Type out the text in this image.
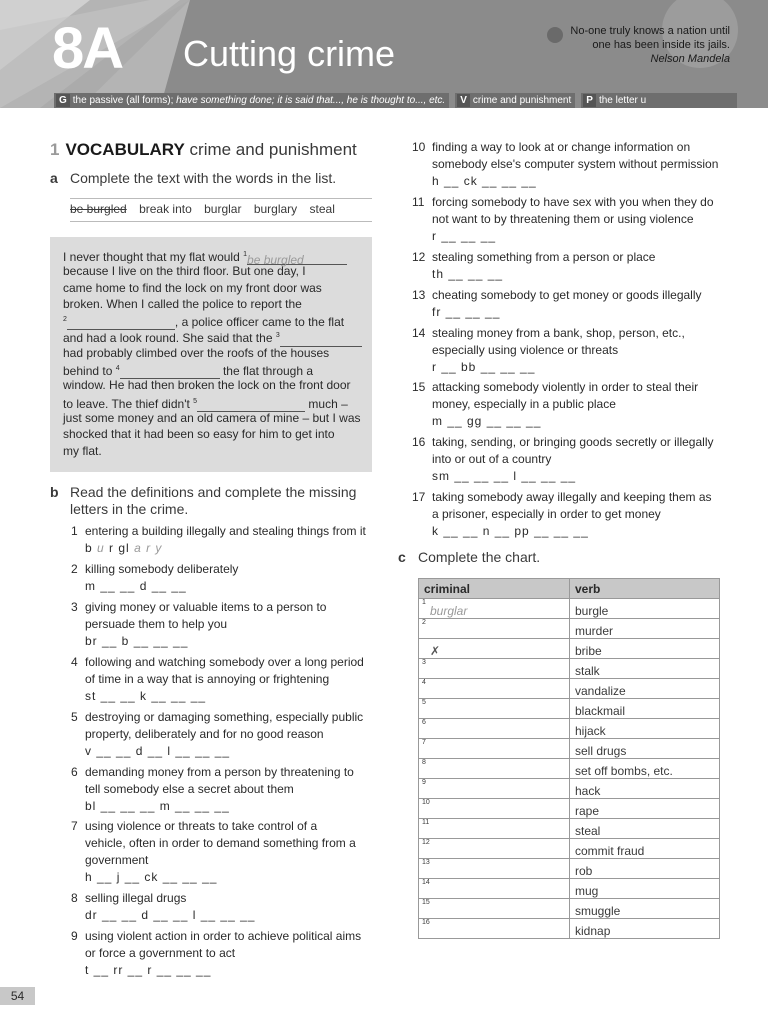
8A Cutting crime
No-one truly knows a nation until
one has been inside its jails.
Nelson Mandela
G the passive (all forms); have something done; it is said that..., he is thought to..., etc.	V crime and punishment	P the letter u
1 VOCABULARY crime and punishment
a Complete the text with the words in the list.
be burgled break into burglar burglary steal
I never thought that my flat would $^1$be burgled
because I live on the third floor. But one day, I
came home to find the lock on my front door was
broken. When I called the police to report the
$^2$	, a police officer came to the flat
and had a look round. She said that the $^3$
had probably climbed over the roofs of the houses
behind to $^4$	the flat through a
window. He had then broken the lock on the front door
to leave. The thief didn't $^5$	much –
just some money and an old camera of mine – but I was
shocked that it had been so easy for him to get into
my flat.
b Read the definitions and complete the missing
letters in the crime.
1 entering a building illegally and stealing things from it
b u r gl a r y
2 killing somebody deliberately
m __ __ d __ __
3 giving money or valuable items to a person to
persuade them to help you
br __ b __ __ __
4 following and watching somebody over a long period
of time in a way that is annoying or frightening
st __ __ k __ __ __
5 destroying or damaging something, especially public
property, deliberately and for no good reason
v __ __ d __ l __ __ __
6 demanding money from a person by threatening to
tell somebody else a secret about them
bl __ __ __ m __ __ __
7 using violence or threats to take control of a
vehicle, often in order to demand something from a
government
h __ j __ ck __ __ __
8 selling illegal drugs
dr __ __ d __ __ l __ __ __
9 using violent action in order to achieve political aims
or force a government to act
t __ rr __ r __ __ __
10 finding a way to look at or change information on
somebody else's computer system without permission
h __ ck __ __ __
11 forcing somebody to have sex with you when they do
not want to by threatening them or using violence
r __ __ __
12 stealing something from a person or place
th __ __ __
13 cheating somebody to get money or goods illegally
fr __ __ __
14 stealing money from a bank, shop, person, etc.,
especially using violence or threats
r __ bb __ __ __
15 attacking somebody violently in order to steal their
money, especially in a public place
m __ gg __ __ __
16 taking, sending, or bringing goods secretly or illegally
into or out of a country
sm __ __ __ l __ __ __
17 taking somebody away illegally and keeping them as
a prisoner, especially in order to get money
k __ __ n __ pp __ __ __
c Complete the chart.
criminal	verb

1
burglar	burgle

2	murder
✗	bribe

3	stalk

4	vandalize

5	blackmail

6	hijack

7	sell drugs

8	set off bombs, etc.

9	hack

10	rape

11	steal

12	commit fraud

13	rob

14	mug

15	smuggle

16	kidnap
54
